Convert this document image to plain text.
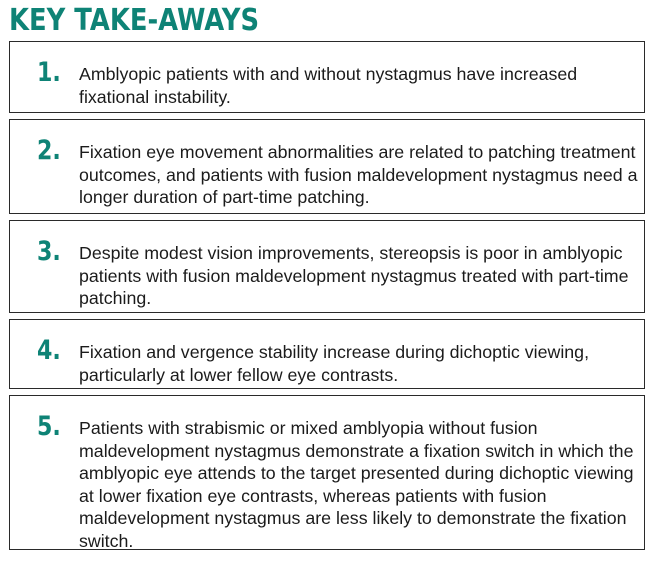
KEY TAKE-AWAYS
1. Amblyopic patients with and without nystagmus have increased fixational instability.

2. Fixation eye movement abnormalities are related to patching treatment outcomes, and patients with fusion maldevelopment nystagmus need a longer duration of part-time patching.

3. Despite modest vision improvements, stereopsis is poor in amblyopic patients with fusion maldevelopment nystagmus treated with part-time patching.

4. Fixation and vergence stability increase during dichoptic viewing, particularly at lower fellow eye contrasts.

5. Patients with strabismic or mixed amblyopia without fusion maldevelopment nystagmus demonstrate a fixation switch in which the amblyopic eye attends to the target presented during dichoptic viewing at lower fixation eye contrasts, whereas patients with fusion maldevelopment nystagmus are less likely to demonstrate the fixation switch.
